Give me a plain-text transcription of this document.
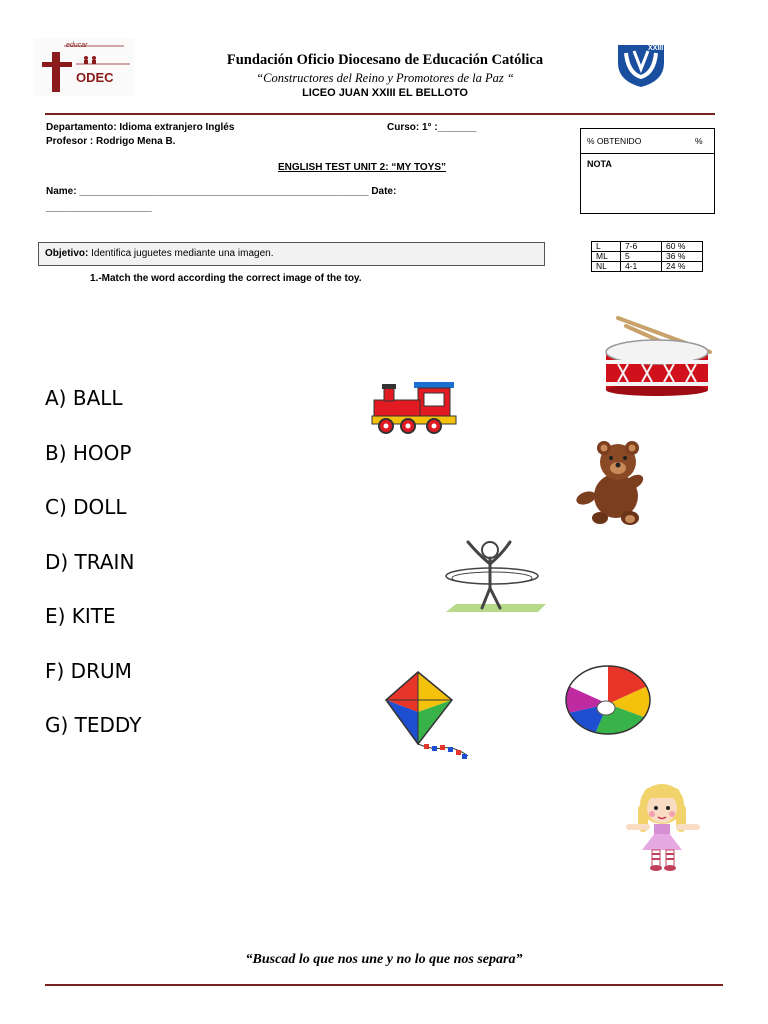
educar
ODEC
Fundación Oficio Diocesano de Educación Católica
“Constructores del Reino y Promotores de la Paz “
LICEO JUAN XXIII EL BELLOTO
XXIII
Departamento: Idioma extranjero Inglés	Curso: 1° :_______
Profesor : Rodrigo Mena B.
ENGLISH TEST UNIT 2: “MY TOYS”
Name: ____________________________________________________ Date:
___________________
% OBTENIDO	%
NOTA
Objetivo: Identifica juguetes mediante una imagen.
L	7-6	60 %
ML	5	36 %
NL	4-1	24 %
1.-Match the word according the correct image of the toy.
A) BALL
B) HOOP
C) DOLL
D) TRAIN
E) KITE
F) DRUM
G) TEDDY
“Buscad lo que nos une y no lo que nos separa”
